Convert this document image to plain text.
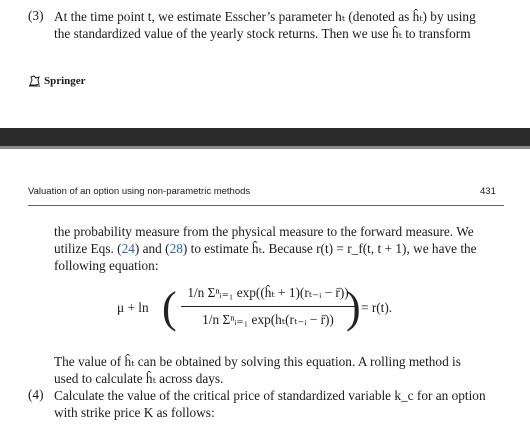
(3) At the time point t, we estimate Esscher’s parameter hₜ (denoted as ĥₜ) by using
the standardized value of the yearly stock returns. Then we use ĥₜ to transform
Springer
Valuation of an option using non-parametric methods	431
the probability measure from the physical measure to the forward measure. We
utilize Eqs. (24) and (28) to estimate ĥₜ. Because r(t) = r_f(t, t + 1), we have the
following equation:
μ + ln ( 1/n Σⁿᵢ₌₁ exp((ĥₜ + 1)(rₜ₋ᵢ − r̄))
1/n Σⁿᵢ₌₁ exp(hₜ(rₜ₋ᵢ − r̄)) ) = r(t).
The value of ĥₜ can be obtained by solving this equation. A rolling method is
used to calculate ĥₜ across days.
(4) Calculate the value of the critical price of standardized variable k_c for an option
with strike price K as follows:
